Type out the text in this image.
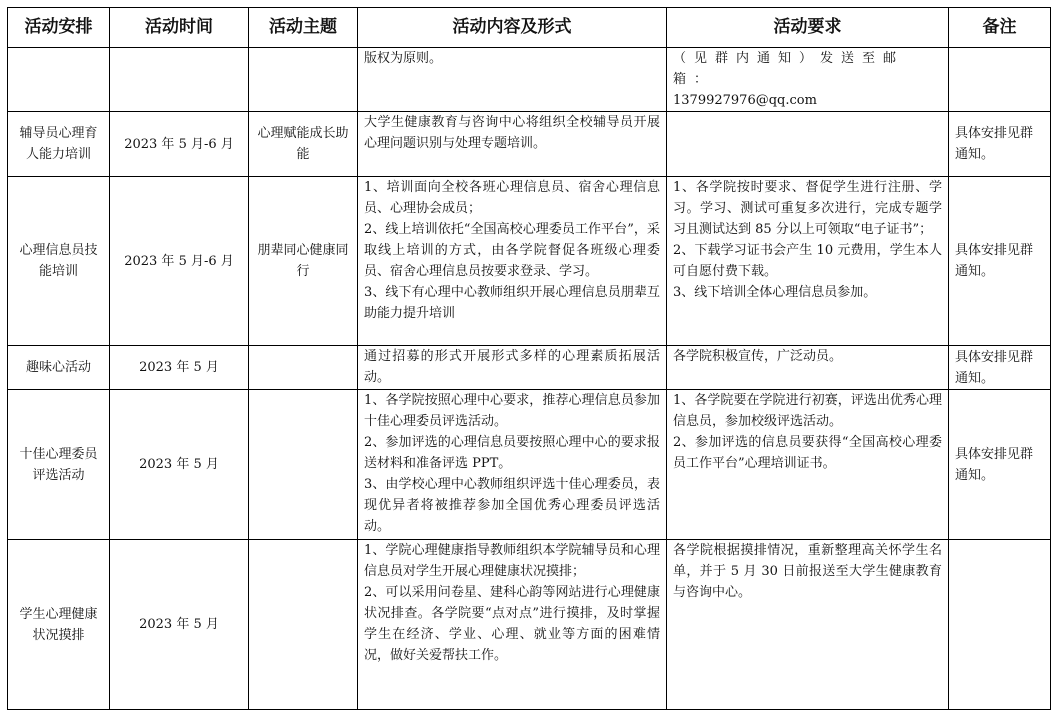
活动安排	活动时间	活动主题	活动内容及形式	活动要求	备注

			版权为原则。	（见群内通知）发送至邮箱：
1379927976@qq.com	

辅导员心理育人能力培训	2023 年 5 月-6 月	心理赋能成长助能	大学生健康教育与咨询中心将组织全校辅导员开展心理问题识别与处理专题培训。		具体安排见群通知。
心理信息员技能培训	2023 年 5 月-6 月	朋辈同心健康同行	1、培训面向全校各班心理信息员、宿舍心理信息员、心理协会成员；
2、线上培训依托“全国高校心理委员工作平台”，采取线上培训的方式，由各学院督促各班级心理委员、宿舍心理信息员按要求登录、学习。
3、线下有心理中心教师组织开展心理信息员朋辈互助能力提升培训	1、各学院按时要求、督促学生进行注册、学习。学习、测试可重复多次进行，完成专题学习且测试达到 85 分以上可领取“电子证书”；
2、下载学习证书会产生 10 元费用，学生本人可自愿付费下载。
3、线下培训全体心理信息员参加。	具体安排见群通知。
趣味心活动	2023 年 5 月		通过招募的形式开展形式多样的心理素质拓展活动。	各学院积极宣传，广泛动员。	具体安排见群通知。
十佳心理委员评选活动	2023 年 5 月		1、各学院按照心理中心要求，推荐心理信息员参加十佳心理委员评选活动。
2、参加评选的心理信息员要按照心理中心的要求报送材料和准备评选 PPT。
3、由学校心理中心教师组织评选十佳心理委员，表现优异者将被推荐参加全国优秀心理委员评选活动。	1、各学院要在学院进行初赛，评选出优秀心理信息员，参加校级评选活动。
2、参加评选的信息员要获得“全国高校心理委员工作平台”心理培训证书。	具体安排见群通知。
学生心理健康状况摸排	2023 年 5 月		1、学院心理健康指导教师组织本学院辅导员和心理信息员对学生开展心理健康状况摸排；
2、可以采用问卷星、建科心韵等网站进行心理健康状况排查。各学院要“点对点”进行摸排，及时掌握学生在经济、学业、心理、就业等方面的困难情况，做好关爱帮扶工作。	各学院根据摸排情况，重新整理高关怀学生名单，并于 5 月 30 日前报送至大学生健康教育与咨询中心。	
